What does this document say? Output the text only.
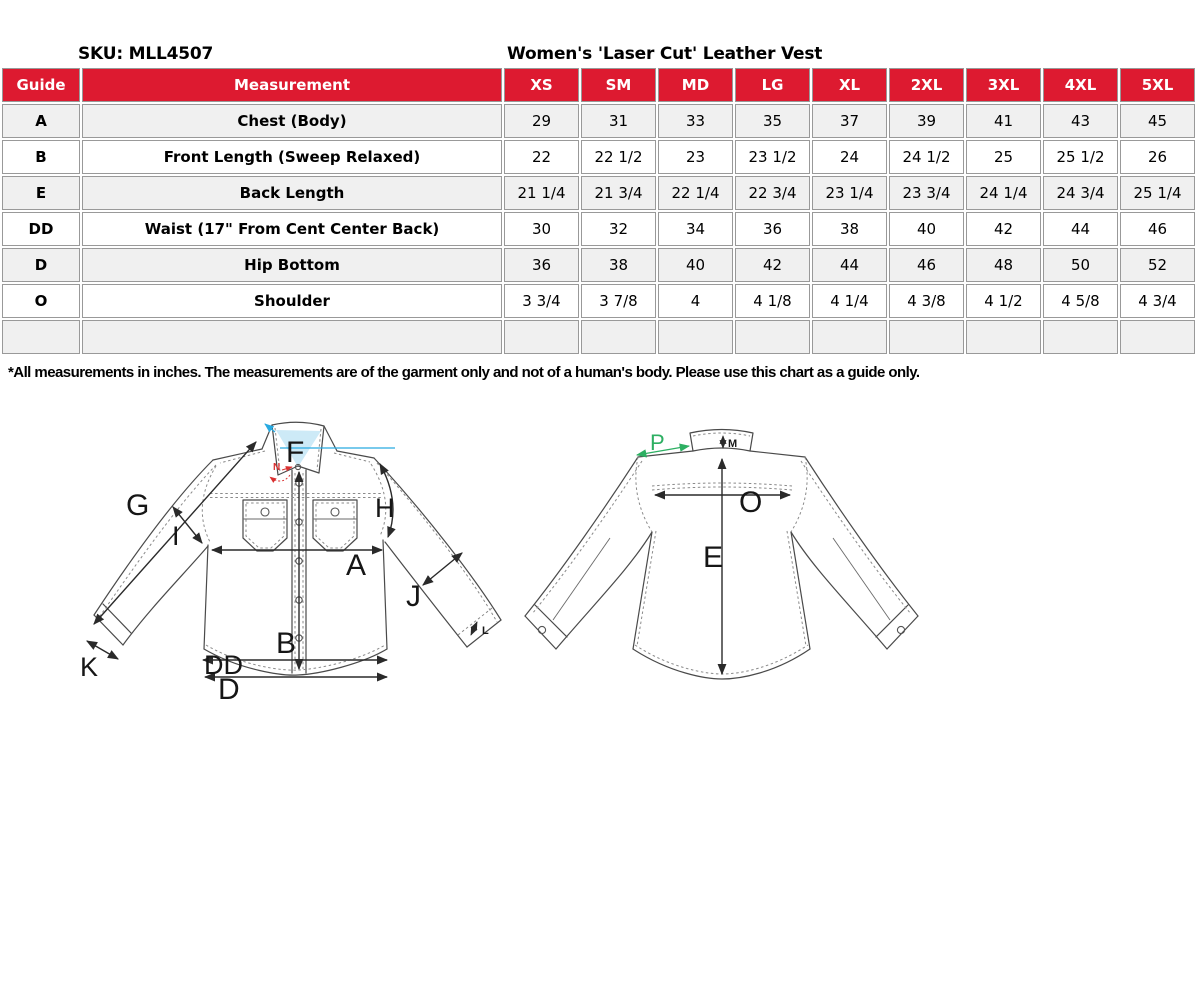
SKU: MLL4507	Women's 'Laser Cut' Leather Vest
Guide	Measurement	XS	SM	MD	LG	XL	2XL	3XL	4XL	5XL
A	Chest (Body)	29	31	33	35	37	39	41	43	45
B	Front Length (Sweep Relaxed)	22	22 1/2	23	23 1/2	24	24 1/2	25	25 1/2	26
E	Back Length	21 1/4	21 3/4	22 1/4	22 3/4	23 1/4	23 3/4	24 1/4	24 3/4	25 1/4
DD	Waist (17" From Cent Center Back)	30	32	34	36	38	40	42	44	46
D	Hip Bottom	36	38	40	42	44	46	48	50	52
O	Shoulder	3 3/4	3 7/8	4	4 1/8	4 1/4	4 3/8	4 1/2	4 5/8	4 3/4

*All measurements in inches. The measurements are of the garment only and not of a human's body. Please use this chart as a guide only.
F
N
G	H
I
A
J
B
K
L
DD
D
P	M
O
E
